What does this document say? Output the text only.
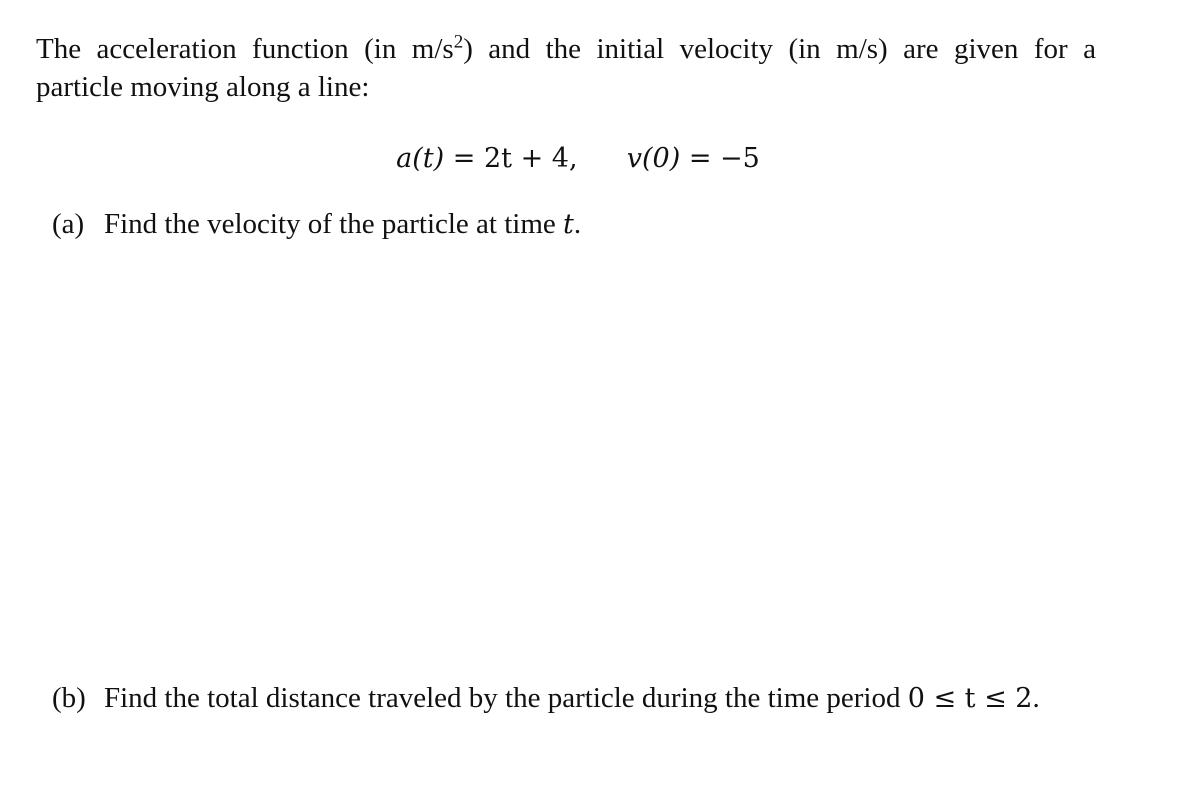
The acceleration function (in $m/s^2$) and the initial velocity (in m/s) are given for a
particle moving along a line:

a(t) = 2t + 4, v(0) = −5

(a) Find the velocity of the particle at time t.

(b) Find the total distance traveled by the particle during the time period 0 ≤ t ≤ 2.
